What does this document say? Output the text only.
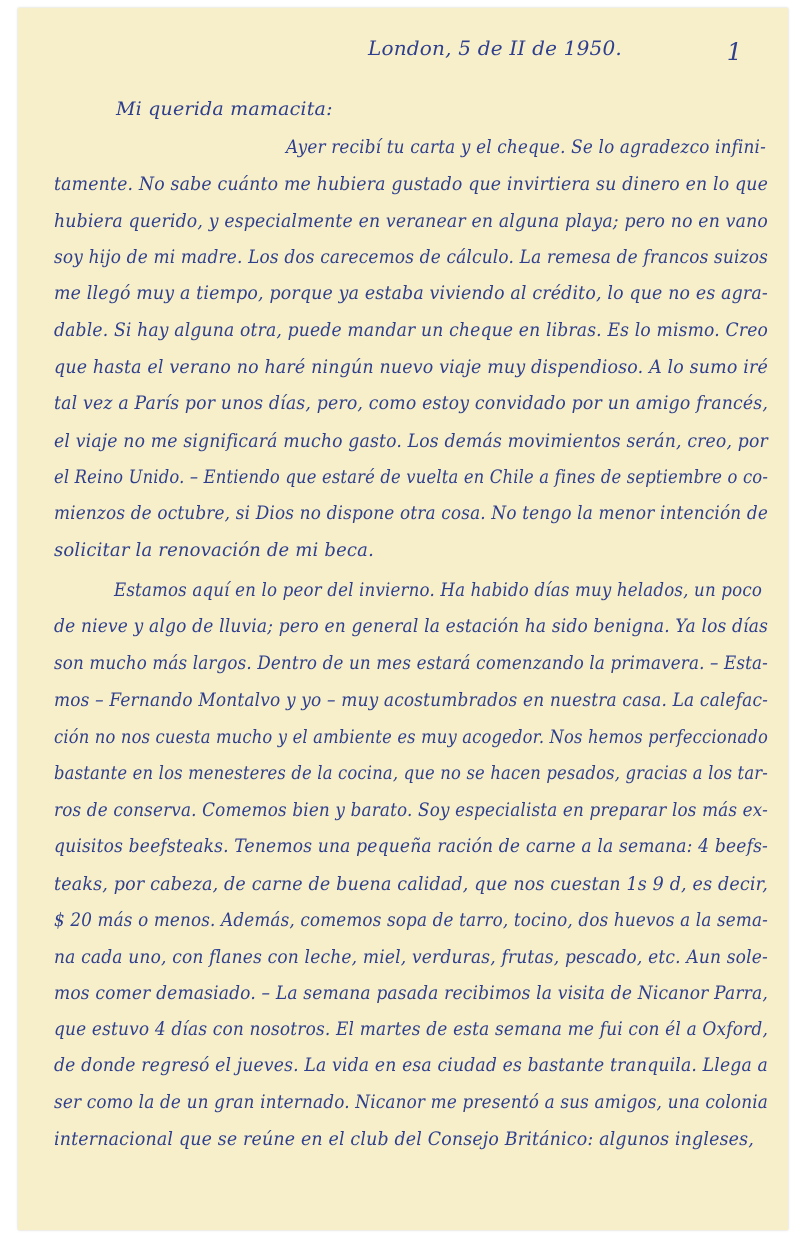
1

London, 5 de II de 1950.

Mi querida mamacita:

Ayer recibí tu carta y el cheque. Se lo agradezco infini-

tamente. No sabe cuánto me hubiera gustado que invirtiera su dinero en lo que

hubiera querido, y especialmente en veranear en alguna playa; pero no en vano

soy hijo de mi madre. Los dos carecemos de cálculo. La remesa de francos suizos

me llegó muy a tiempo, porque ya estaba viviendo al crédito, lo que no es agra-

dable. Si hay alguna otra, puede mandar un cheque en libras. Es lo mismo. Creo

que hasta el verano no haré ningún nuevo viaje muy dispendioso. A lo sumo iré

tal vez a París por unos días, pero, como estoy convidado por un amigo francés,

el viaje no me significará mucho gasto. Los demás movimientos serán, creo, por

el Reino Unido. – Entiendo que estaré de vuelta en Chile a fines de septiembre o co-

mienzos de octubre, si Dios no dispone otra cosa. No tengo la menor intención de

solicitar la renovación de mi beca.

Estamos aquí en lo peor del invierno. Ha habido días muy helados, un poco

de nieve y algo de lluvia; pero en general la estación ha sido benigna. Ya los días

son mucho más largos. Dentro de un mes estará comenzando la primavera. – Esta-

mos – Fernando Montalvo y yo – muy acostumbrados en nuestra casa. La calefac-

ción no nos cuesta mucho y el ambiente es muy acogedor. Nos hemos perfeccionado

bastante en los menesteres de la cocina, que no se hacen pesados, gracias a los tar-

ros de conserva. Comemos bien y barato. Soy especialista en preparar los más ex-

quisitos beefsteaks. Tenemos una pequeña ración de carne a la semana: 4 beefs-

teaks, por cabeza, de carne de buena calidad, que nos cuestan 1s 9 d, es decir,

$ 20 más o menos. Además, comemos sopa de tarro, tocino, dos huevos a la sema-

na cada uno, con flanes con leche, miel, verduras, frutas, pescado, etc. Aun sole-

mos comer demasiado. – La semana pasada recibimos la visita de Nicanor Parra,

que estuvo 4 días con nosotros. El martes de esta semana me fui con él a Oxford,

de donde regresó el jueves. La vida en esa ciudad es bastante tranquila. Llega a

ser como la de un gran internado. Nicanor me presentó a sus amigos, una colonia

internacional que se reúne en el club del Consejo Británico: algunos ingleses,
